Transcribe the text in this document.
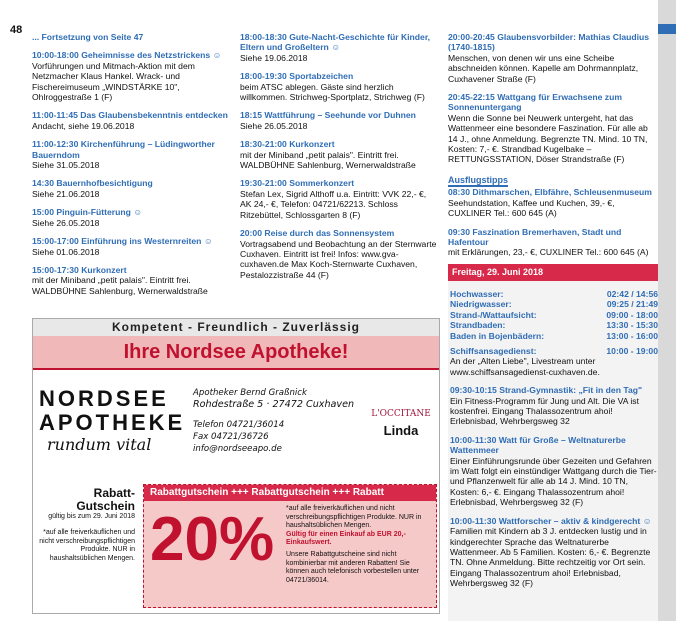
48
... Fortsetzung von Seite 47
10:00-18:00 Geheimnisse des Netzstrickens ☺
Vorführungen und Mitmach-Aktion mit dem Netzmacher Klaus Hankel. Wrack- und Fischereimuseum „WINDSTÄRKE 10", Ohlroggestraße 1 (F)
11:00-11:45 Das Glaubensbekenntnis entdecken
Andacht, siehe 19.06.2018
11:00-12:30 Kirchenführung – Lüdingworther Bauerndom
Siehe 31.05.2018
14:30 Bauernhofbesichtigung
Siehe 21.06.2018
15:00 Pinguin-Fütterung ☺
Siehe 26.05.2018
15:00-17:00 Einführung ins Westernreiten ☺
Siehe 01.06.2018
15:00-17:30 Kurkonzert
mit der Miniband „petit palais". Eintritt frei. WALDBÜHNE Sahlenburg, Wernerwaldstraße
18:00-18:30 Gute-Nacht-Geschichte für Kinder, Eltern und Großeltern ☺
Siehe 19.06.2018
18:00-19:30 Sportabzeichen
beim ATSC ablegen. Gäste sind herzlich willkommen. Strichweg-Sportplatz, Strichweg (F)
18:15 Wattführung – Seehunde vor Duhnen
Siehe 26.05.2018
18:30-21:00 Kurkonzert
mit der Miniband „petit palais". Eintritt frei. WALDBÜHNE Sahlenburg, Wernerwaldstraße
19:30-21:00 Sommerkonzert
Stefan Lex, Sigrid Althoff u.a. Eintritt: VVK 22,- €, AK 24,- €, Telefon: 04721/62213. Schloss Ritzebüttel, Schlossgarten 8 (F)
20:00 Reise durch das Sonnensystem
Vortragsabend und Beobachtung an der Sternwarte Cuxhaven. Eintritt ist frei! Infos: www.gva-cuxhaven.de Max Koch-Sternwarte Cuxhaven, Pestalozzistraße 44 (F)
20:00-20:45 Glaubensvorbilder: Mathias Claudius (1740-1815)
Menschen, von denen wir uns eine Scheibe abschneiden können. Kapelle am Dohrmannplatz, Cuxhavener Straße (F)
20:45-22:15 Wattgang für Erwachsene zum Sonnenuntergang
Wenn die Sonne bei Neuwerk untergeht, hat das Wattenmeer eine besondere Faszination. Für alle ab 14 J., ohne Anmeldung. Begrenzte TN. Mind. 10 TN, Kosten: 7,- €. Strandbad Kugelbake – RETTUNGSSTATION, Döser Strandstraße (F)
Ausflugstipps
08:30 Dithmarschen, Elbfähre, Schleusenmuseum
Seehundstation, Kaffee und Kuchen, 39,- €, CUXLINER Tel.: 600 645 (A)
09:30 Faszination Bremerhaven, Stadt und Hafentour
mit Erklärungen, 23,- €, CUXLINER Tel.: 600 645 (A)
Freitag, 29. Juni 2018
Hochwasser:	02:42 / 14:56
Niedrigwasser:	09:25 / 21:49
Strand-/Wattaufsicht:	09:00 - 18:00
Strandbaden:	13:30 - 15:30
Baden in Bojenbädern:	13:00 - 16:00
Schiffsansagedienst:	10:00 - 19:00
An der „Alten Liebe", Livestream unter www.schiffsansagedienst-cuxhaven.de.
09:30-10:15 Strand-Gymnastik: „Fit in den Tag"
Ein Fitness-Programm für Jung und Alt. Die VA ist kostenfrei. Eingang Thalassozentrum ahoi! Erlebnisbad, Wehrbergsweg 32
10:00-11:30 Watt für Große – Weltnaturerbe Wattenmeer
Einer Einführungsrunde über Gezeiten und Gefahren im Watt folgt ein einstündiger Wattgang durch die Tier- und Pflanzenwelt für alle ab 14 J. Mind. 10 TN, Kosten: 6,- €. Eingang Thalassozentrum ahoi! Erlebnisbad, Wehrbergsweg 32 (F)
10:00-11:30 Wattforscher – aktiv & kindgerecht ☺
Familien mit Kindern ab 3 J. entdecken lustig und in kindgerechter Sprache das Weltnaturerbe Wattenmeer. Ab 5 Familien. Kosten: 6,- €. Begrenzte TN. Ohne Anmeldung. Bitte rechtzeitig vor Ort sein. Eingang Thalassozentrum ahoi! Erlebnisbad, Wehrbergsweg 32 (F)
Kompetent - Freundlich - Zuverlässig
Ihre Nordsee Apotheke!
NORDSEE
APOTHEKE
rundum vital
Apotheker Bernd Graßnick
Rohdestraße 5 · 27472 Cuxhaven
Telefon 04721/36014
Fax 04721/36726
info@nordseeapo.de
L'OCCITANE
Linda
Rabatt-Gutschein
gültig bis zum 29. Juni 2018
*auf alle freiverkäuflichen und nicht verschreibungspflichtigen Produkte. NUR in haushaltsüblichen Mengen.
Rabattgutschein +++ Rabattgutschein +++ Rabatt
20% *auf alle freiverkäuflichen und nicht verschreibungspflichtigen Produkte. NUR in haushaltsüblichen Mengen.
Gültig für einen Einkauf ab EUR 20,- Einkaufswert.
Unsere Rabattgutscheine sind nicht kombinierbar mit anderen Rabatten! Sie können auch telefonisch vorbestellen unter 04721/36014.
